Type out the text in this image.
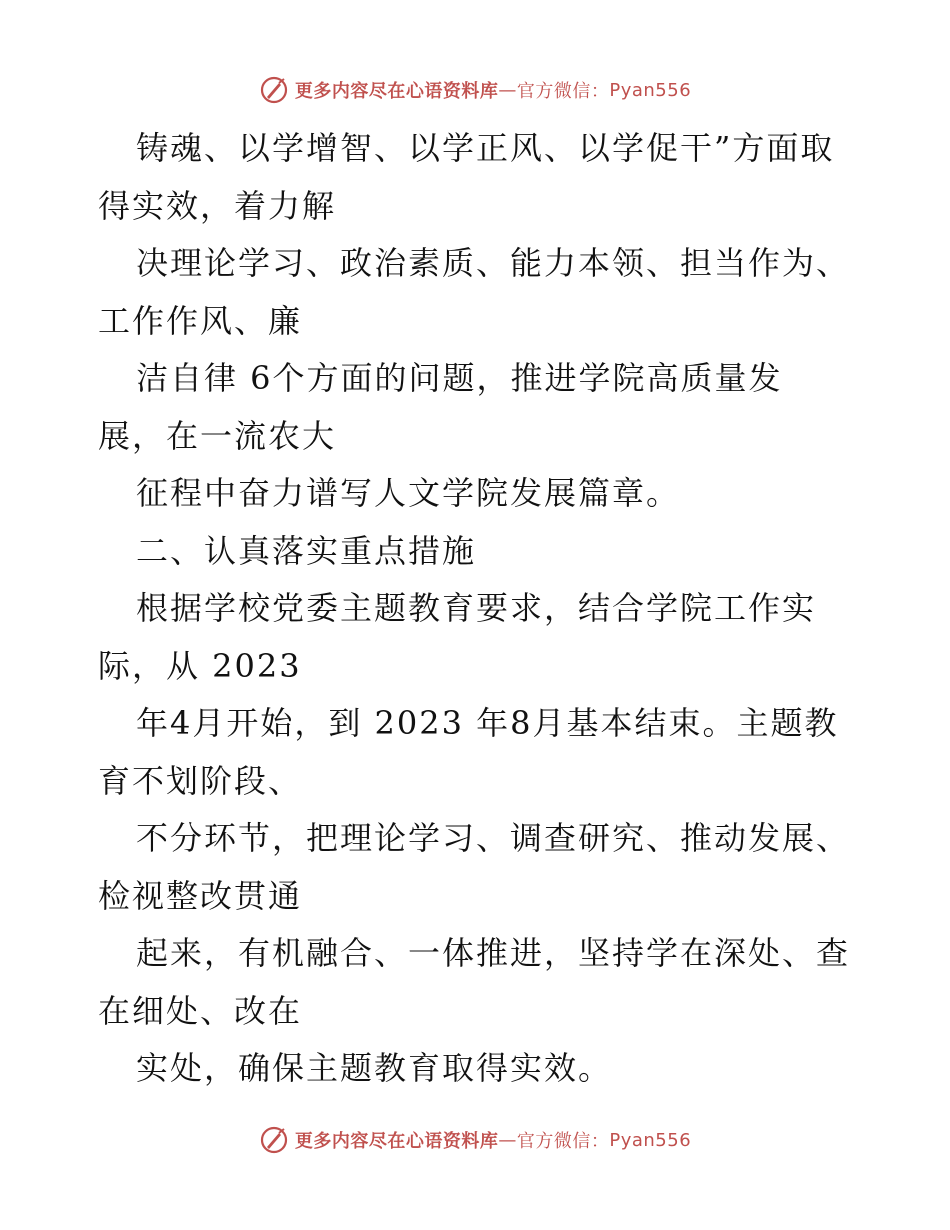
更多内容尽在心语资料库 — 官方微信： Pyan556
铸魂、以学增智、以学正风、以学促干”方面取
得实效，着力解
决理论学习、政治素质、能力本领、担当作为、
工作作风、廉
洁自律 6个方面的问题，推进学院高质量发
展，在一流农大
征程中奋力谱写人文学院发展篇章。
二、认真落实重点措施
根据学校党委主题教育要求，结合学院工作实
际，从 2023
年4月开始，到 2023 年8月基本结束。主题教
育不划阶段、
不分环节，把理论学习、调查研究、推动发展、
检视整改贯通
起来，有机融合、一体推进，坚持学在深处、查
在细处、改在
实处，确保主题教育取得实效。
更多内容尽在心语资料库 — 官方微信： Pyan556
